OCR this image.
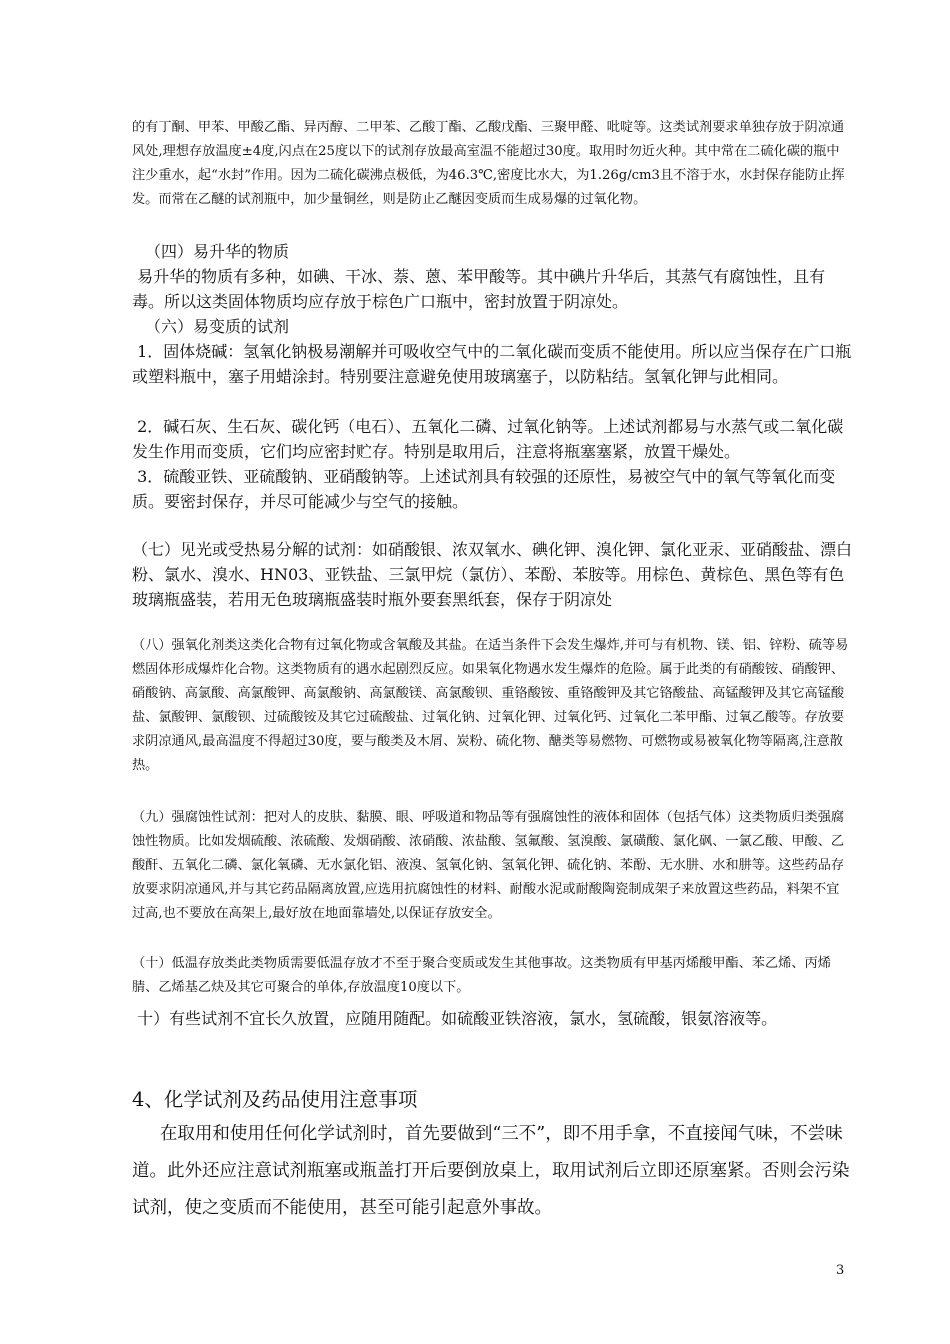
的有丁酮、甲苯、甲酸乙酯、异丙醇、二甲苯、乙酸丁酯、乙酸戊酯、三聚甲醛、吡啶等。这类试剂要求单独存放于阴凉通风处,理想存放温度±4度,闪点在25度以下的试剂存放最高室温不能超过30度。取用时勿近火种。其中常在二硫化碳的瓶中注少重水，起“水封”作用。因为二硫化碳沸点极低，为46.3℃,密度比水大，为1.26g/cm3且不溶于水，水封保存能防止挥发。而常在乙醚的试剂瓶中，加少量铜丝，则是防止乙醚因变质而生成易爆的过氧化物。

（四）易升华的物质

易升华的物质有多种，如碘、干冰、萘、蒽、苯甲酸等。其中碘片升华后，其蒸气有腐蚀性，且有毒。所以这类固体物质均应存放于棕色广口瓶中，密封放置于阴凉处。

（六）易变质的试剂

1．固体烧碱：氢氧化钠极易潮解并可吸收空气中的二氧化碳而变质不能使用。所以应当保存在广口瓶或塑料瓶中，塞子用蜡涂封。特别要注意避免使用玻璃塞子，以防粘结。氢氧化钾与此相同。

2．碱石灰、生石灰、碳化钙（电石）、五氧化二磷、过氧化钠等。上述试剂都易与水蒸气或二氧化碳发生作用而变质，它们均应密封贮存。特别是取用后，注意将瓶塞塞紧，放置干燥处。

3．硫酸亚铁、亚硫酸钠、亚硝酸钠等。上述试剂具有较强的还原性，易被空气中的氧气等氧化而变质。要密封保存，并尽可能减少与空气的接触。

（七）见光或受热易分解的试剂：如硝酸银、浓双氧水、碘化钾、溴化钾、氯化亚汞、亚硝酸盐、漂白粉、氯水、溴水、HN03、亚铁盐、三氯甲烷（氯仿）、苯酚、苯胺等。用棕色、黄棕色、黑色等有色玻璃瓶盛装，若用无色玻璃瓶盛装时瓶外要套黑纸套，保存于阴凉处

（八）强氧化剂类这类化合物有过氧化物或含氧酸及其盐。在适当条件下会发生爆炸,并可与有机物、镁、铝、锌粉、硫等易燃固体形成爆炸化合物。这类物质有的遇水起剧烈反应。如果氧化物遇水发生爆炸的危险。属于此类的有硝酸铵、硝酸钾、硝酸钠、高氯酸、高氯酸钾、高氯酸钠、高氯酸镁、高氯酸钡、重铬酸铵、重铬酸钾及其它铬酸盐、高锰酸钾及其它高锰酸盐、氯酸钾、氯酸钡、过硫酸铵及其它过硫酸盐、过氧化钠、过氧化钾、过氧化钙、过氧化二苯甲酯、过氧乙酸等。存放要求阴凉通风,最高温度不得超过30度，要与酸类及木屑、炭粉、硫化物、醣类等易燃物、可燃物或易被氧化物等隔离,注意散热。

（九）强腐蚀性试剂：把对人的皮肤、黏膜、眼、呼吸道和物品等有强腐蚀性的液体和固体（包括气体）这类物质归类强腐蚀性物质。比如发烟硫酸、浓硫酸、发烟硝酸、浓硝酸、浓盐酸、氢氟酸、氢溴酸、氯磺酸、氯化砜、一氯乙酸、甲酸、乙酸酐、五氧化二磷、氯化氧磷、无水氯化铝、液溴、氢氧化钠、氢氧化钾、硫化钠、苯酚、无水肼、水和肼等。这些药品存放要求阴凉通风,并与其它药品隔离放置,应选用抗腐蚀性的材料、耐酸水泥或耐酸陶瓷制成架子来放置这些药品，料架不宜过高,也不要放在高架上,最好放在地面靠墙处,以保证存放安全。

（十）低温存放类此类物质需要低温存放才不至于聚合变质或发生其他事故。这类物质有甲基丙烯酸甲酯、苯乙烯、丙烯腈、乙烯基乙炔及其它可聚合的单体,存放温度10度以下。

十）有些试剂不宜长久放置，应随用随配。如硫酸亚铁溶液，氯水，氢硫酸，银氨溶液等。

4、化学试剂及药品使用注意事项

在取用和使用任何化学试剂时，首先要做到“三不”，即不用手拿，不直接闻气味，不尝味道。此外还应注意试剂瓶塞或瓶盖打开后要倒放桌上，取用试剂后立即还原塞紧。否则会污染试剂，使之变质而不能使用，甚至可能引起意外事故。

3
